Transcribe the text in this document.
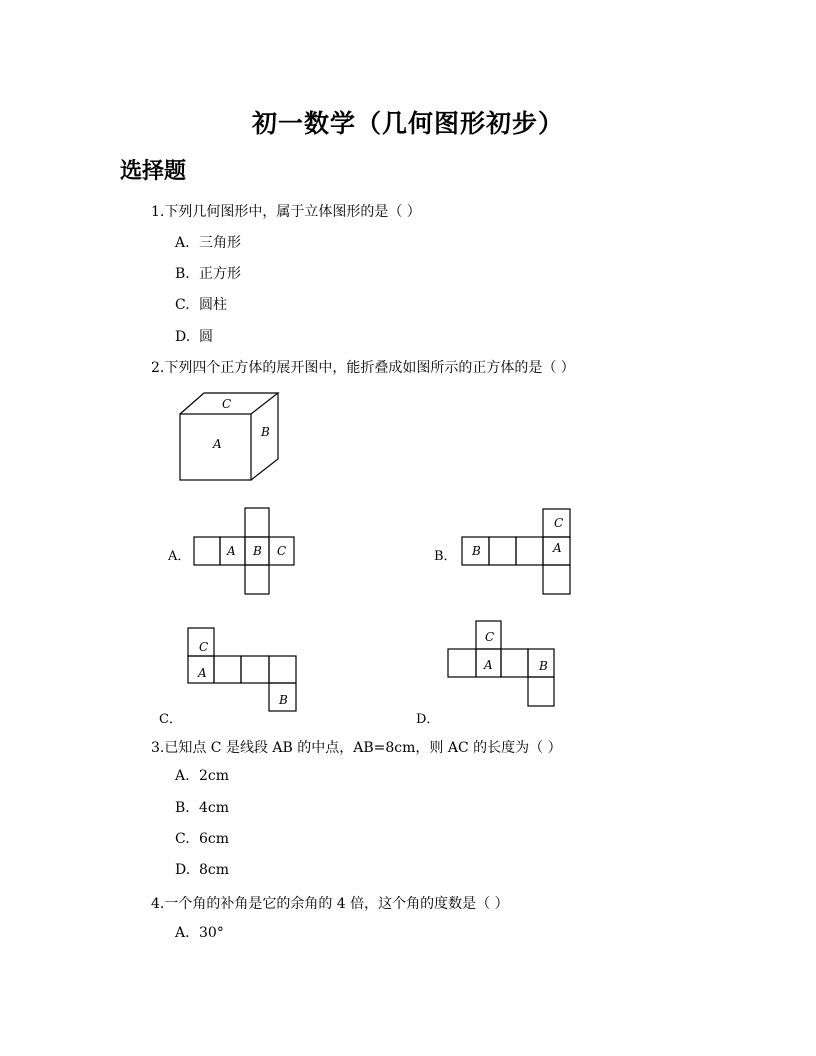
初一数学（几何图形初步）
选择题
1.下列几何图形中，属于立体图形的是（ ）
A. 三角形
B. 正方形
C. 圆柱
D. 圆
2.下列四个正方体的展开图中，能折叠成如图所示的正方体的是（ ）
C
A
B
A B C	B
C
A
C
A
B
C
A	B
A．	B．
C．	D．
3.已知点 C 是线段 AB 的中点，AB=8cm，则 AC 的长度为（ ）
A. 2cm
B. 4cm
C. 6cm
D. 8cm
4.一个角的补角是它的余角的 4 倍，这个角的度数是（ ）
A. 30°
